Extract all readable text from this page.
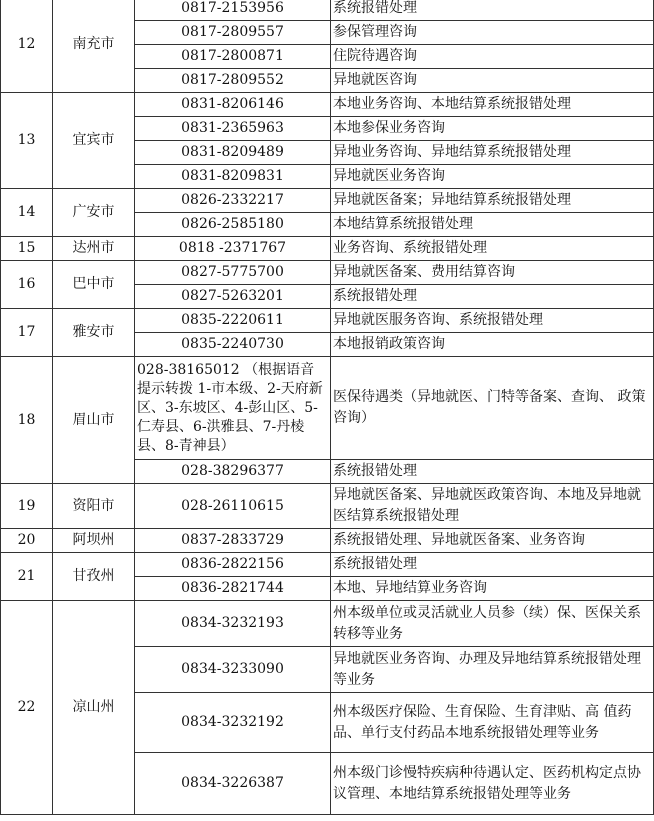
12	南充市	0817-2153956	系统报错处理
		0817-2809557	参保管理咨询
		0817-2800871	住院待遇咨询
		0817-2809552	异地就医咨询
13	宜宾市	0831-8206146	本地业务咨询、本地结算系统报错处理
		0831-2365963	本地参保业务咨询
		0831-8209489	异地业务咨询、异地结算系统报错处理
		0831-8209831	异地就医业务咨询
14	广安市	0826-2332217	异地就医备案；异地结算系统报错处理
		0826-2585180	本地结算系统报错处理
15	达州市	0818 -2371767	业务咨询、系统报错处理
16	巴中市	0827-5775700	异地就医备案、费用结算咨询
		0827-5263201	系统报错处理
17	雅安市	0835-2220611	异地就医服务咨询、系统报错处理
		0835-2240730	本地报销政策咨询
18	眉山市	028-38165012 （根据语音 提示转拨 1-市本级、2-天府新区、3-东坡区、4-彭山区、5-仁寿县、6-洪雅县、7-丹棱县、8-青神县）	医保待遇类（异地就医、门特等备案、查询、 政策咨询）
		028-38296377	系统报错处理
19	资阳市	028-26110615	异地就医备案、异地就医政策咨询、本地及异地就医结算系统报错处理
20	阿坝州	0837-2833729	系统报错处理、异地就医备案、业务咨询
21	甘孜州	0836-2822156	系统报错处理
		0836-2821744	本地、异地结算业务咨询
22	凉山州	0834-3232193	州本级单位或灵活就业人员参（续）保、医保关系转移等业务
		0834-3233090	异地就医业务咨询、办理及异地结算系统报错处理等业务
		0834-3232192	州本级医疗保险、生育保险、生育津贴、高 值药品、单行支付药品本地系统报错处理等业务
		0834-3226387	州本级门诊慢特疾病种待遇认定、医药机构定点协议管理、本地结算系统报错处理等业务
